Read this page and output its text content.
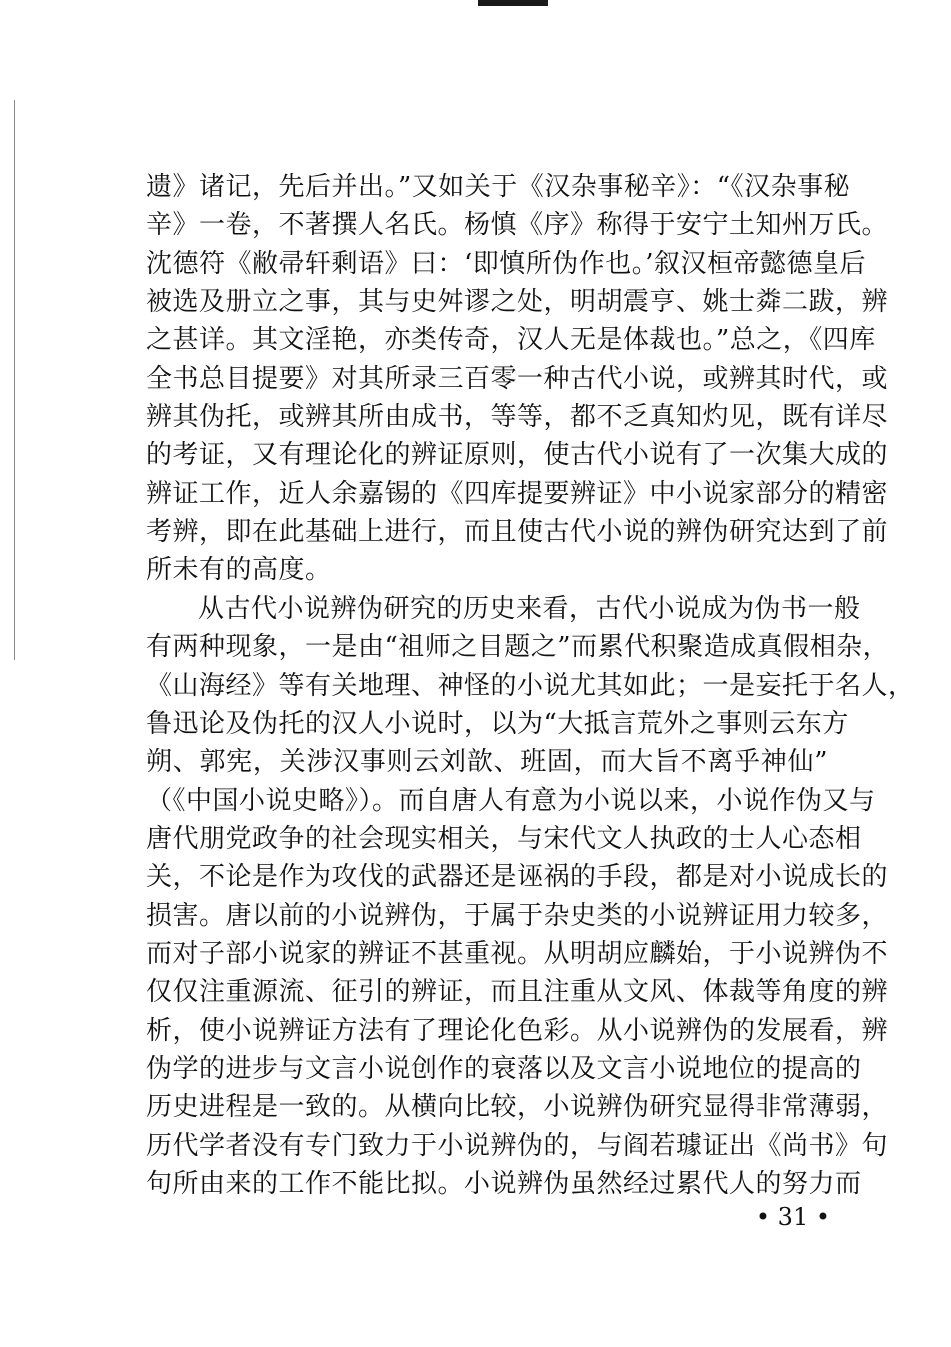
遗》诸记，先后并出。”又如关于《汉杂事秘辛》：“《汉杂事秘
辛》一卷，不著撰人名氏。杨慎《序》称得于安宁土知州万氏。
沈德符《敝帚轩剩语》曰：‘即慎所伪作也。’叙汉桓帝懿德皇后
被选及册立之事，其与史舛谬之处，明胡震亨、姚士粦二跋，辨
之甚详。其文淫艳，亦类传奇，汉人无是体裁也。”总之，《四库
全书总目提要》对其所录三百零一种古代小说，或辨其时代，或
辨其伪托，或辨其所由成书，等等，都不乏真知灼见，既有详尽
的考证，又有理论化的辨证原则，使古代小说有了一次集大成的
辨证工作，近人余嘉锡的《四库提要辨证》中小说家部分的精密
考辨，即在此基础上进行，而且使古代小说的辨伪研究达到了前
所未有的高度。
从古代小说辨伪研究的历史来看，古代小说成为伪书一般
有两种现象，一是由“祖师之目题之”而累代积聚造成真假相杂，
《山海经》等有关地理、神怪的小说尤其如此；一是妄托于名人，
鲁迅论及伪托的汉人小说时，以为“大抵言荒外之事则云东方
朔、郭宪，关涉汉事则云刘歆、班固，而大旨不离乎神仙”
（《中国小说史略》）。而自唐人有意为小说以来，小说作伪又与
唐代朋党政争的社会现实相关，与宋代文人执政的士人心态相
关，不论是作为攻伐的武器还是诬祸的手段，都是对小说成长的
损害。唐以前的小说辨伪，于属于杂史类的小说辨证用力较多，
而对子部小说家的辨证不甚重视。从明胡应麟始，于小说辨伪不
仅仅注重源流、征引的辨证，而且注重从文风、体裁等角度的辨
析，使小说辨证方法有了理论化色彩。从小说辨伪的发展看，辨
伪学的进步与文言小说创作的衰落以及文言小说地位的提高的
历史进程是一致的。从横向比较，小说辨伪研究显得非常薄弱，
历代学者没有专门致力于小说辨伪的，与阎若璩证出《尚书》句
句所由来的工作不能比拟。小说辨伪虽然经过累代人的努力而
• 31 •
